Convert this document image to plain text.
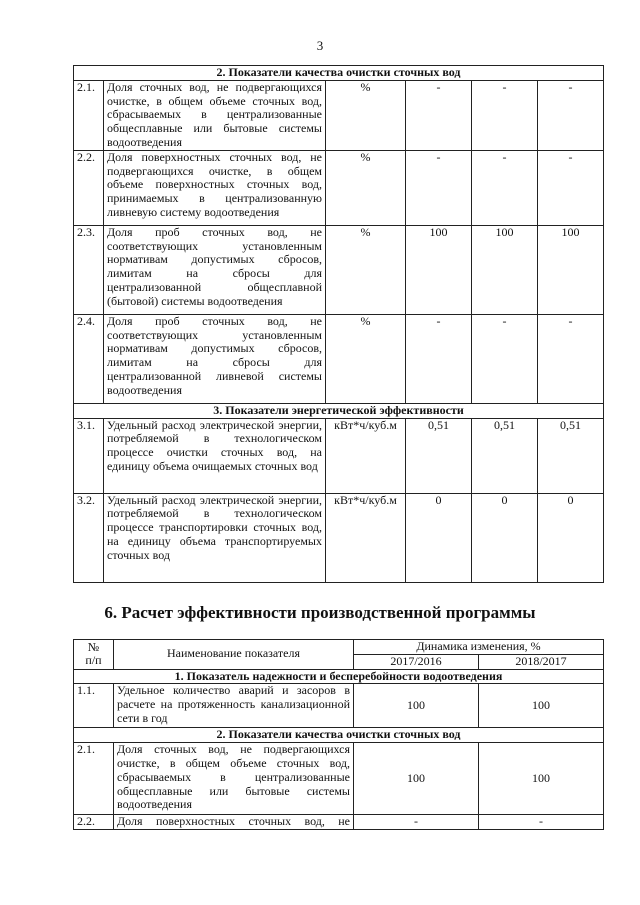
3
2. Показатели качества очистки сточных вод					
2.1.	Доля сточных вод, не подвергающихся очистке, в общем объеме сточных вод, сбрасываемых в централизованные общесплавные или бытовые системы водоотведения	%	-	-	-
2.2.	Доля поверхностных сточных вод, не подвергающихся очистке, в общем объеме поверхностных сточных вод, принимаемых в централизованную ливневую систему водоотведения	%	-	-	-
2.3.	Доля проб сточных вод, не соответствующих установленным нормативам допустимых сбросов, лимитам на сбросы для централизованной общесплавной (бытовой) системы водоотведения	%	100	100	100
2.4.	Доля проб сточных вод, не соответствующих установленным нормативам допустимых сбросов, лимитам на сбросы для централизованной ливневой системы водоотведения	%	-	-	-
3. Показатели энергетической эффективности					
3.1.	Удельный расход электрической энергии, потребляемой в технологическом процессе очистки сточных вод, на единицу объема очищаемых сточных вод	кВт*ч/куб.м	0,51	0,51	0,51
3.2.	Удельный расход электрической энергии, потребляемой в технологическом процессе транспортировки сточных вод, на единицу объема транспортируемых сточных вод	кВт*ч/куб.м	0	0	0
6. Расчет эффективности производственной программы
№
п/п	Наименование показателя	Динамика изменения, %	
		2017/2016	2018/2017
1. Показатель надежности и бесперебойности водоотведения			
1.1.	Удельное количество аварий и засоров в расчете на протяженность канализационной сети в год	100	100
2. Показатели качества очистки сточных вод			
2.1.	Доля сточных вод, не подвергающихся очистке, в общем объеме сточных вод, сбрасываемых в централизованные общесплавные или бытовые системы водоотведения	100	100
2.2.	Доля поверхностных сточных вод, не	-	-
